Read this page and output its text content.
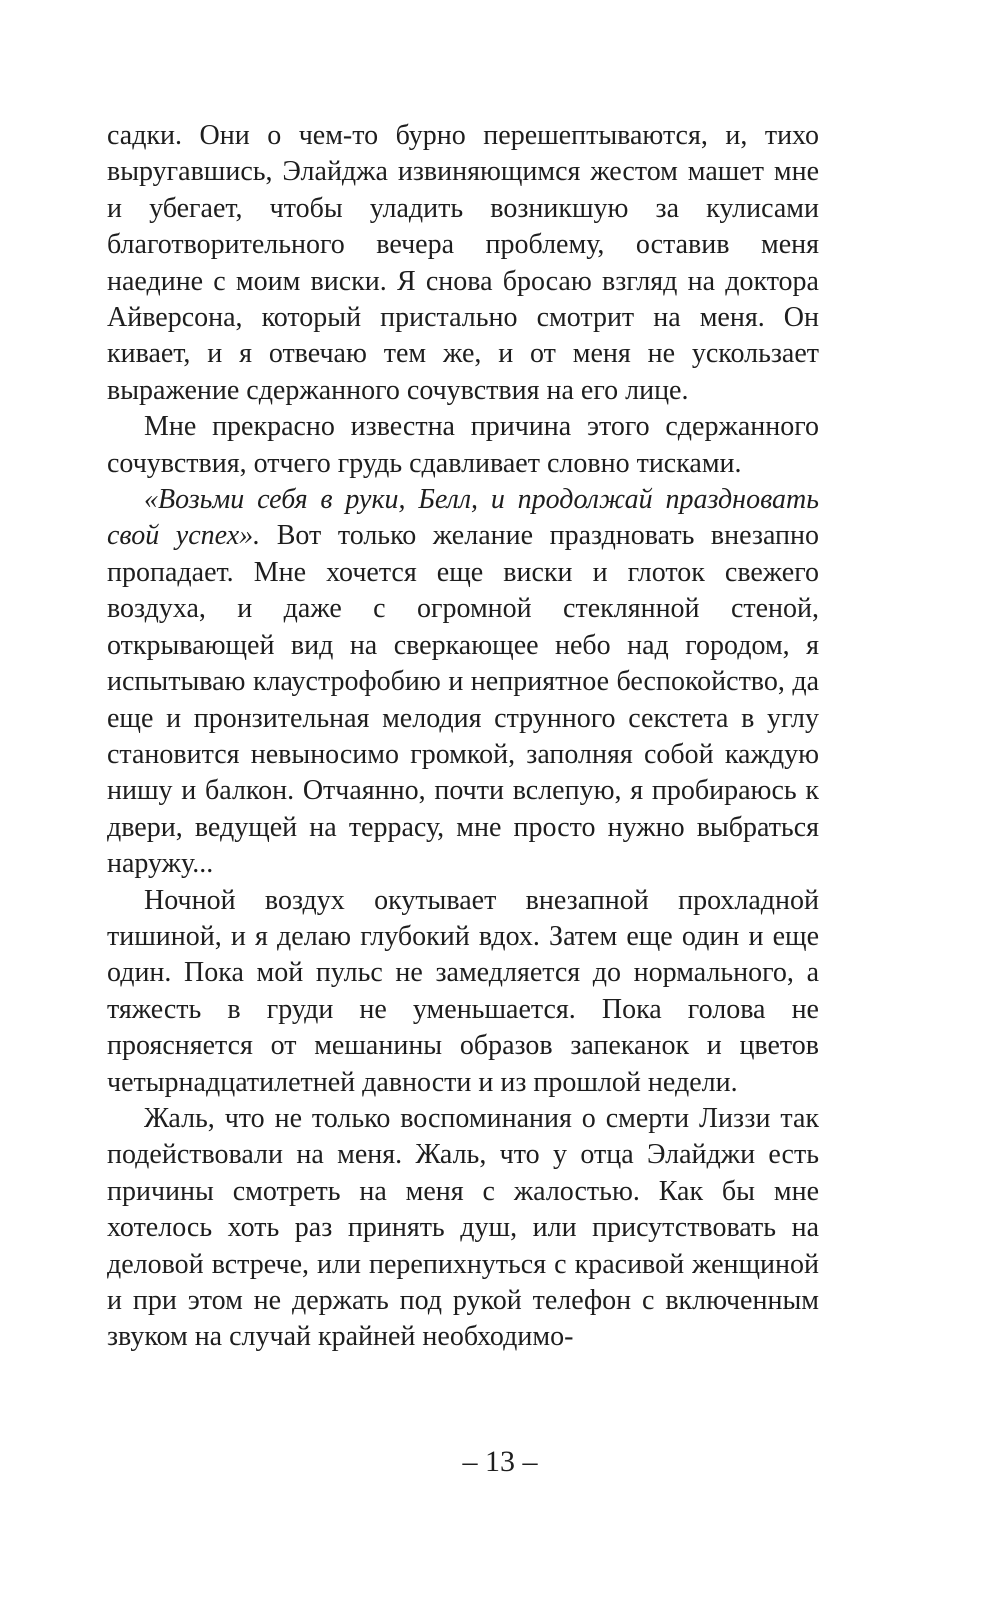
садки. Они о чем-то бурно перешептываются, и, тихо выругавшись, Элайджа извиняющимся жестом машет мне и убегает, чтобы уладить возникшую за кулисами благотворительного вечера проблему, оставив меня наедине с моим виски. Я снова бросаю взгляд на доктора Айверсона, который пристально смотрит на меня. Он кивает, и я отвечаю тем же, и от меня не ускользает выражение сдержанного сочувствия на его лице.

Мне прекрасно известна причина этого сдержанного сочувствия, отчего грудь сдавливает словно тисками.

«Возьми себя в руки, Белл, и продолжай праздновать свой успех». Вот только желание праздновать внезапно пропадает. Мне хочется еще виски и глоток свежего воздуха, и даже с огромной стеклянной стеной, открывающей вид на сверкающее небо над городом, я испытываю клаустрофобию и неприятное беспокойство, да еще и пронзительная мелодия струнного секстета в углу становится невыносимо громкой, заполняя собой каждую нишу и балкон. Отчаянно, почти вслепую, я пробираюсь к двери, ведущей на террасу, мне просто нужно выбраться наружу...

Ночной воздух окутывает внезапной прохладной тишиной, и я делаю глубокий вдох. Затем еще один и еще один. Пока мой пульс не замедляется до нормального, а тяжесть в груди не уменьшается. Пока голова не проясняется от мешанины образов запеканок и цветов четырнадцатилетней давности и из прошлой недели.

Жаль, что не только воспоминания о смерти Лиззи так подействовали на меня. Жаль, что у отца Элайджи есть причины смотреть на меня с жалостью. Как бы мне хотелось хоть раз принять душ, или присутствовать на деловой встрече, или перепихнуться с красивой женщиной и при этом не держать под рукой телефон с включенным звуком на случай крайней необходимо-

– 13 –
